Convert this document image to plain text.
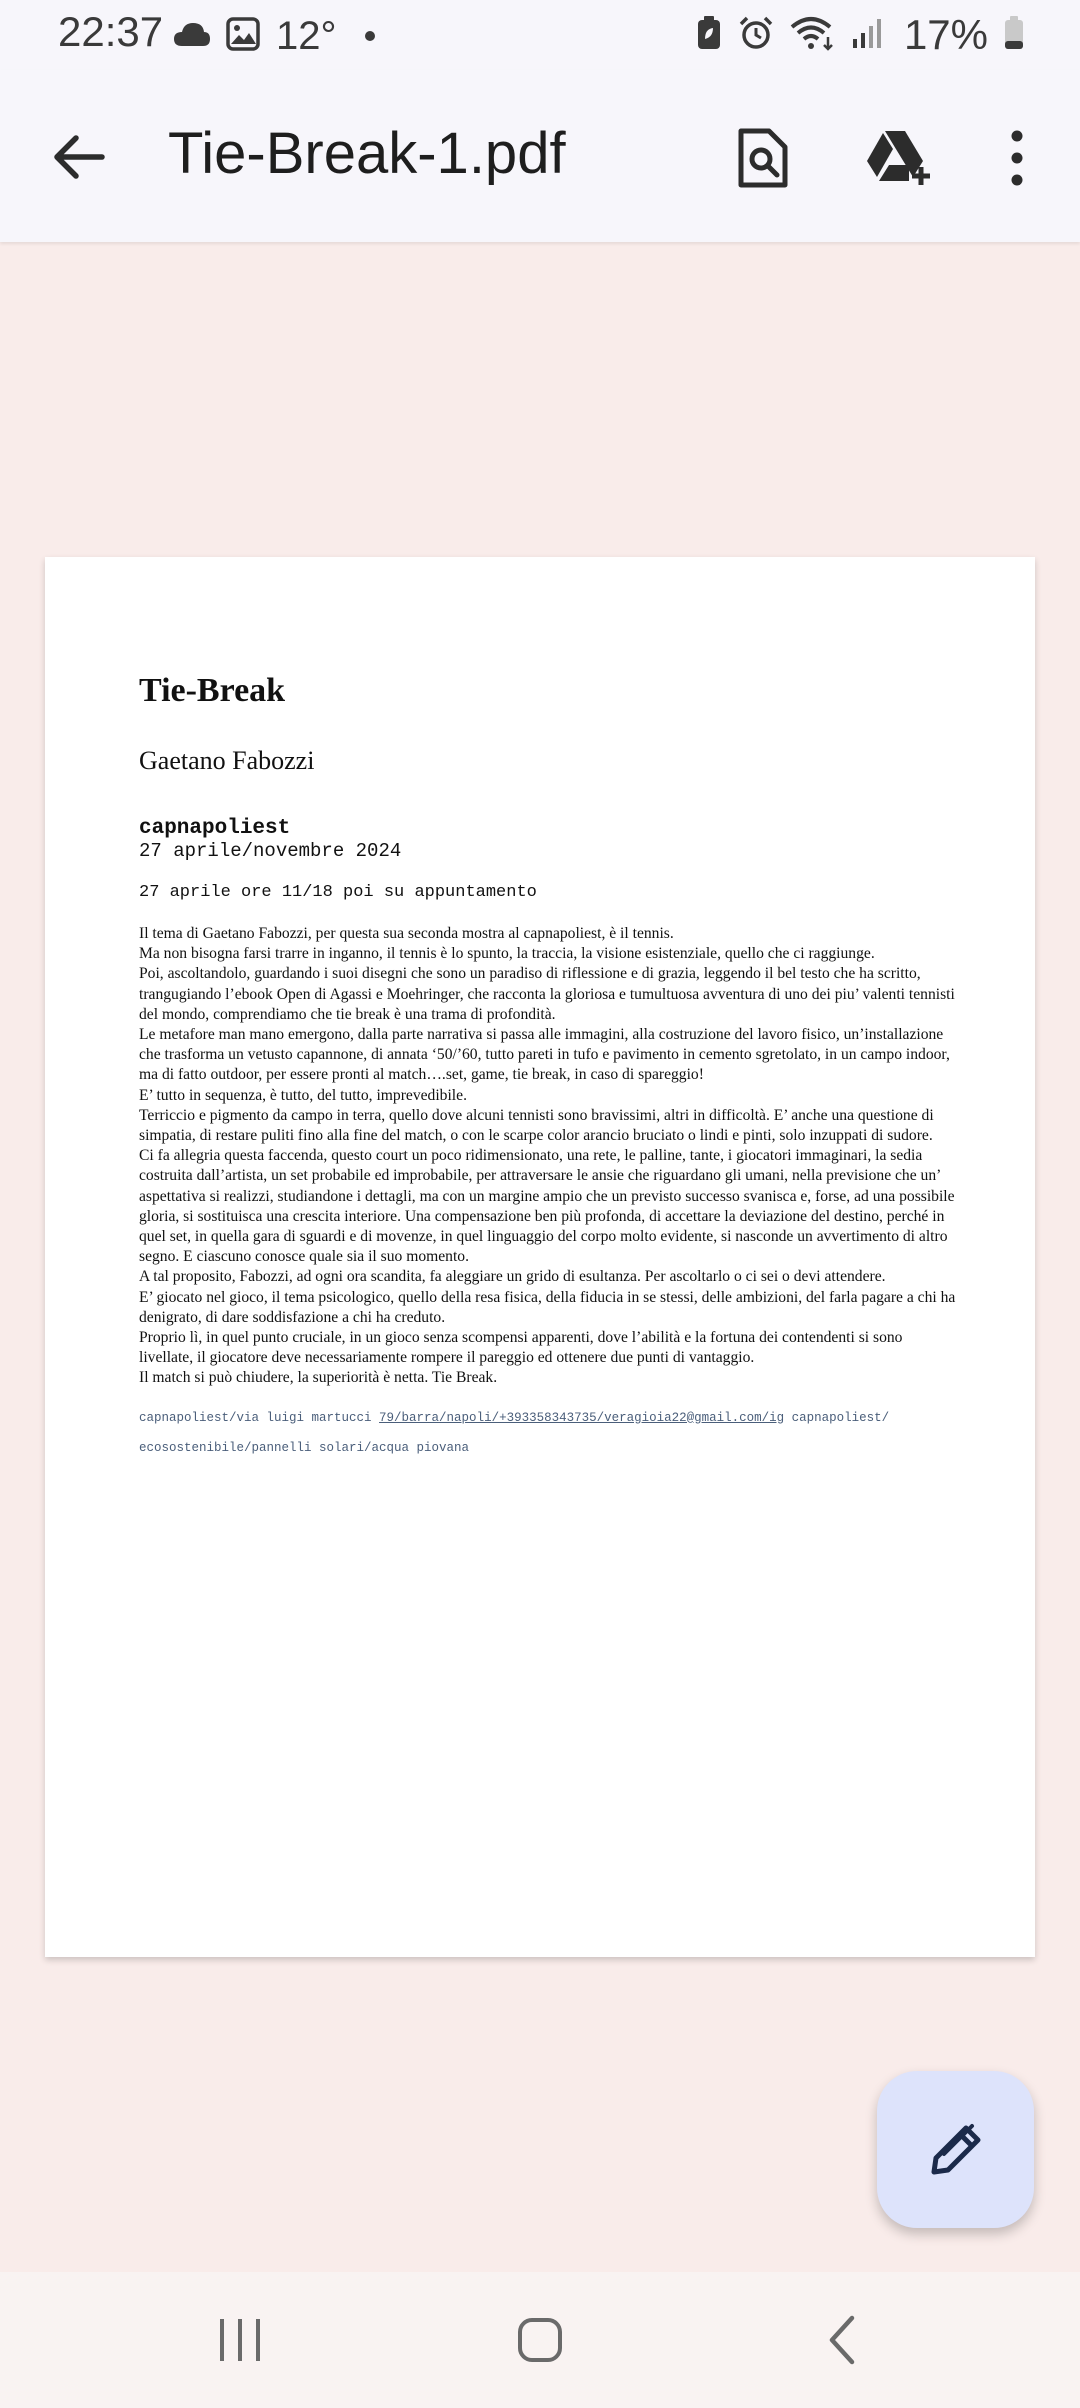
22:37	12°	17%
Tie-Break-1.pdf
Tie-Break
Gaetano Fabozzi
capnapoliest
27 aprile/novembre 2024
27 aprile ore 11/18 poi su appuntamento

Il tema di Gaetano Fabozzi, per questa sua seconda mostra al capnapoliest, è il tennis.

Ma non bisogna farsi trarre in inganno, il tennis è lo spunto, la traccia, la visione esistenziale, quello che ci raggiunge.

Poi, ascoltandolo, guardando i suoi disegni che sono un paradiso di riflessione e di grazia, leggendo il bel testo che ha scritto, trangugiando l’ebook Open di Agassi e Moehringer, che racconta la gloriosa e tumultuosa avventura di uno dei piu’ valenti tennisti del mondo, comprendiamo che tie break è una trama di profondità.

Le metafore man mano emergono, dalla parte narrativa si passa alle immagini, alla costruzione del lavoro fisico, un’installazione che trasforma un vetusto capannone, di annata ‘50/’60, tutto pareti in tufo e pavimento in cemento sgretolato, in un campo indoor, ma di fatto outdoor, per essere pronti al match….set, game, tie break, in caso di spareggio!

E’ tutto in sequenza, è tutto, del tutto, imprevedibile.

Terriccio e pigmento da campo in terra, quello dove alcuni tennisti sono bravissimi, altri in difficoltà. E’ anche una questione di simpatia, di restare puliti fino alla fine del match, o con le scarpe color arancio bruciato o lindi e pinti, solo inzuppati di sudore.

Ci fa allegria questa faccenda, questo court un poco ridimensionato, una rete, le palline, tante, i giocatori immaginari, la sedia costruita dall’artista, un set probabile ed improbabile, per attraversare le ansie che riguardano gli umani, nella previsione che un’ aspettativa si realizzi, studiandone i dettagli, ma con un margine ampio che un previsto successo svanisca e, forse, ad una possibile gloria, si sostituisca una crescita interiore. Una compensazione ben più profonda, di accettare la deviazione del destino, perché in quel set, in quella gara di sguardi e di movenze, in quel linguaggio del corpo molto evidente, si nasconde un avvertimento di altro segno. E ciascuno conosce quale sia il suo momento.

A tal proposito, Fabozzi, ad ogni ora scandita, fa aleggiare un grido di esultanza. Per ascoltarlo o ci sei o devi attendere.

E’ giocato nel gioco, il tema psicologico, quello della resa fisica, della fiducia in se stessi, delle ambizioni, del farla pagare a chi ha denigrato, di dare soddisfazione a chi ha creduto.

Proprio lì, in quel punto cruciale, in un gioco senza scompensi apparenti, dove l’abilità e la fortuna dei contendenti si sono livellate, il giocatore deve necessariamente rompere il pareggio ed ottenere due punti di vantaggio.

Il match si può chiudere, la superiorità è netta. Tie Break.

capnapoliest/via luigi martucci 79/barra/napoli/+393358343735/veragioia22@gmail.com/ig capnapoliest/
ecosostenibile/pannelli solari/acqua piovana
